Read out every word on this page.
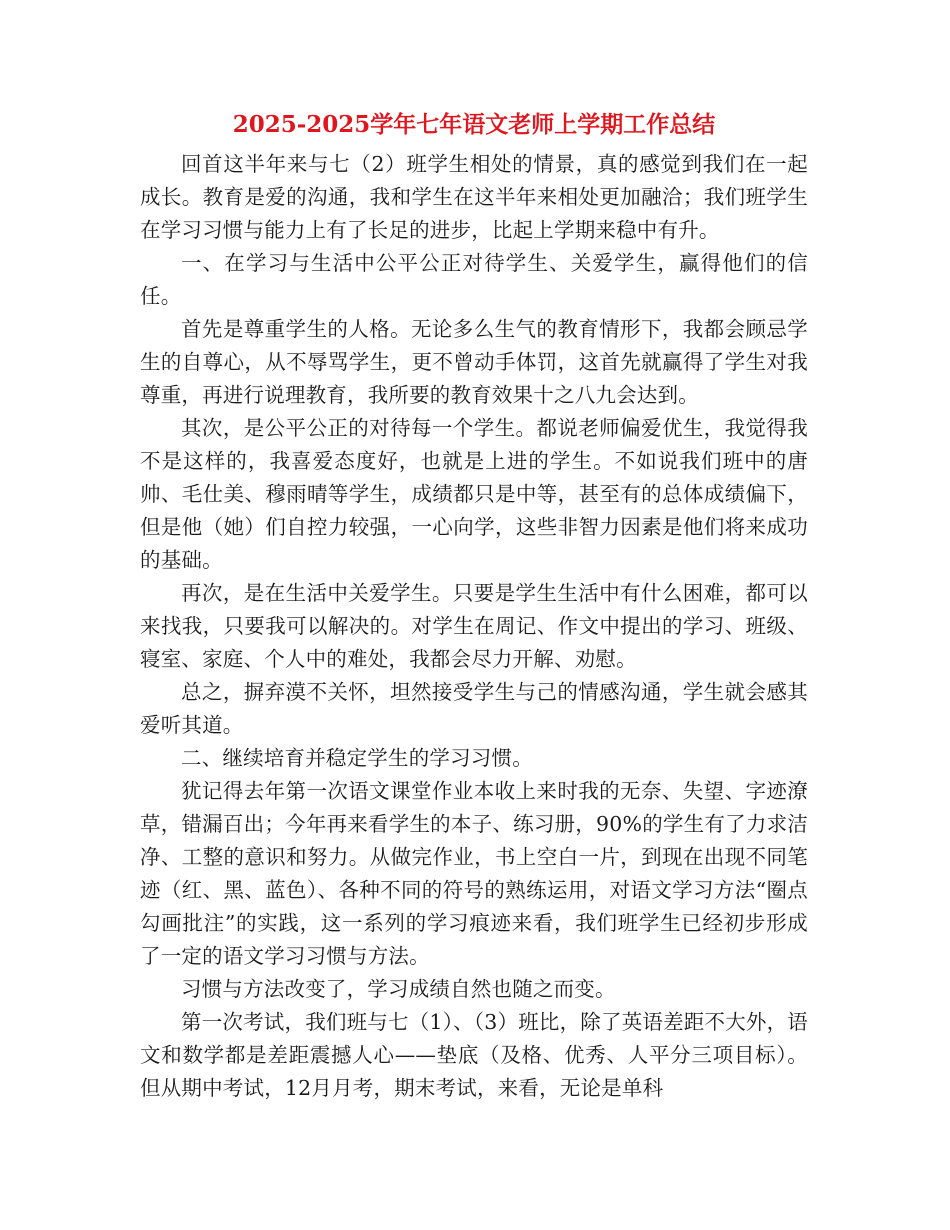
2025-2025学年七年语文老师上学期工作总结

回首这半年来与七（2）班学生相处的情景，真的感觉到我们在一起成长。教育是爱的沟通，我和学生在这半年来相处更加融洽；我们班学生在学习习惯与能力上有了长足的进步，比起上学期来稳中有升。

一、在学习与生活中公平公正对待学生、关爱学生，赢得他们的信任。

首先是尊重学生的人格。无论多么生气的教育情形下，我都会顾忌学生的自尊心，从不辱骂学生，更不曾动手体罚，这首先就赢得了学生对我尊重，再进行说理教育，我所要的教育效果十之八九会达到。

其次，是公平公正的对待每一个学生。都说老师偏爱优生，我觉得我不是这样的，我喜爱态度好，也就是上进的学生。不如说我们班中的唐帅、毛仕美、穆雨晴等学生，成绩都只是中等，甚至有的总体成绩偏下，但是他（她）们自控力较强，一心向学，这些非智力因素是他们将来成功的基础。

再次，是在生活中关爱学生。只要是学生生活中有什么困难，都可以来找我，只要我可以解决的。对学生在周记、作文中提出的学习、班级、寝室、家庭、个人中的难处，我都会尽力开解、劝慰。

总之，摒弃漠不关怀，坦然接受学生与己的情感沟通，学生就会感其爱听其道。

二、继续培育并稳定学生的学习习惯。

犹记得去年第一次语文课堂作业本收上来时我的无奈、失望、字迹潦草，错漏百出；今年再来看学生的本子、练习册，90%的学生有了力求洁净、工整的意识和努力。从做完作业，书上空白一片，到现在出现不同笔迹（红、黑、蓝色）、各种不同的符号的熟练运用，对语文学习方法“圈点勾画批注”的实践，这一系列的学习痕迹来看，我们班学生已经初步形成了一定的语文学习习惯与方法。

习惯与方法改变了，学习成绩自然也随之而变。

第一次考试，我们班与七（1）、（3）班比，除了英语差距不大外，语文和数学都是差距震撼人心——垫底（及格、优秀、人平分三项目标）。但从期中考试，12月月考，期末考试，来看，无论是单科
